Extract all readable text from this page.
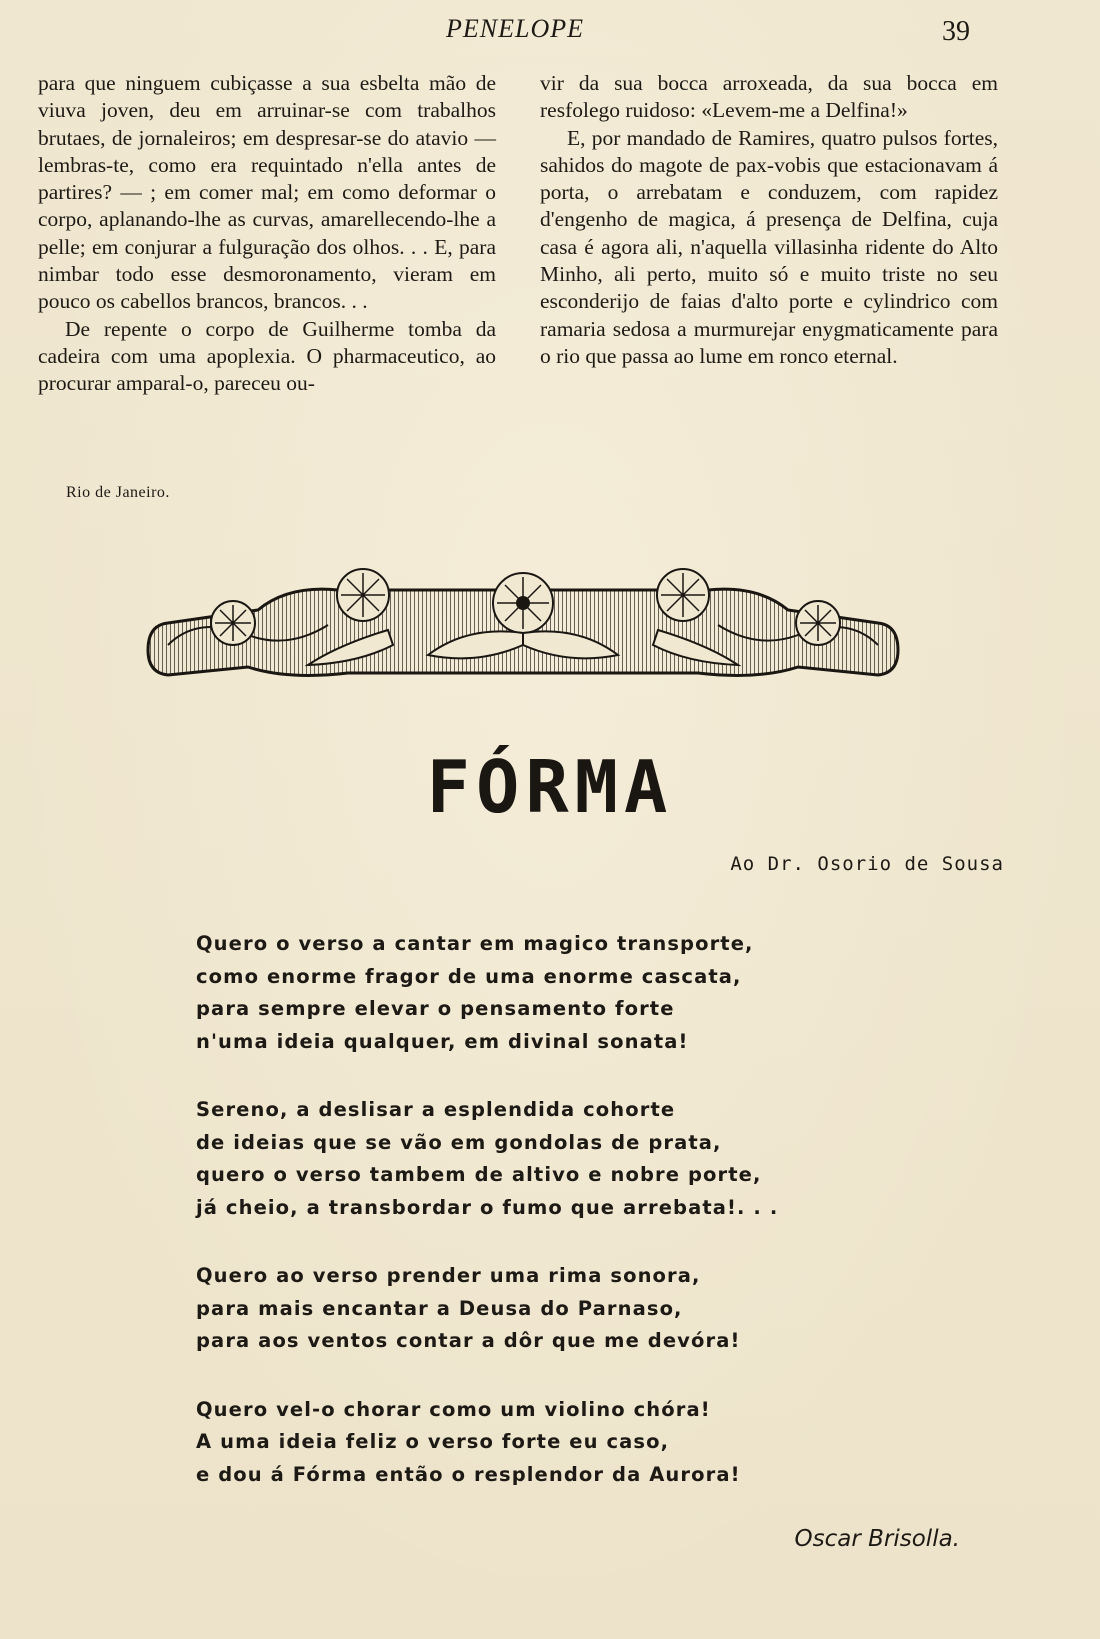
PENELOPE	39

para que ninguem cubiçasse a sua esbelta mão de viuva joven, deu em arruinar-se com trabalhos brutaes, de jornaleiros; em despresar-se do atavio — lembras-te, como era requintado n'ella antes de partires? — ; em comer mal; em como deformar o corpo, aplanando-lhe as curvas, amarellecendo-lhe a pelle; em conjurar a fulguração dos olhos. . . E, para nimbar todo esse desmoronamento, vieram em pouco os cabellos brancos, brancos. . .

De repente o corpo de Guilherme tomba da cadeira com uma apoplexia. O pharmaceutico, ao procurar amparal-o, pareceu ou-

vir da sua bocca arroxeada, da sua bocca em resfolego ruidoso: «Levem-me a Delfina!»

E, por mandado de Ramires, quatro pulsos fortes, sahidos do magote de pax-vobis que estacionavam á porta, o arrebatam e conduzem, com rapidez d'engenho de magica, á presença de Delfina, cuja casa é agora ali, n'aquella villasinha ridente do Alto Minho, ali perto, muito só e muito triste no seu esconderijo de faias d'alto porte e cylindrico com ramaria sedosa a murmurejar enygmaticamente para o rio que passa ao lume em ronco eternal.

Rio de Janeiro.
FÓRMA
Ao Dr. Osorio de Sousa
Quero o verso a cantar em magico transporte,
como enorme fragor de uma enorme cascata,
para sempre elevar o pensamento forte
n'uma ideia qualquer, em divinal sonata!
Sereno, a deslisar a esplendida cohorte
de ideias que se vão em gondolas de prata,
quero o verso tambem de altivo e nobre porte,
já cheio, a transbordar o fumo que arrebata!. . .
Quero ao verso prender uma rima sonora,
para mais encantar a Deusa do Parnaso,
para aos ventos contar a dôr que me devóra!
Quero vel-o chorar como um violino chóra!
A uma ideia feliz o verso forte eu caso,
e dou á Fórma então o resplendor da Aurora!
Oscar Brisolla.
